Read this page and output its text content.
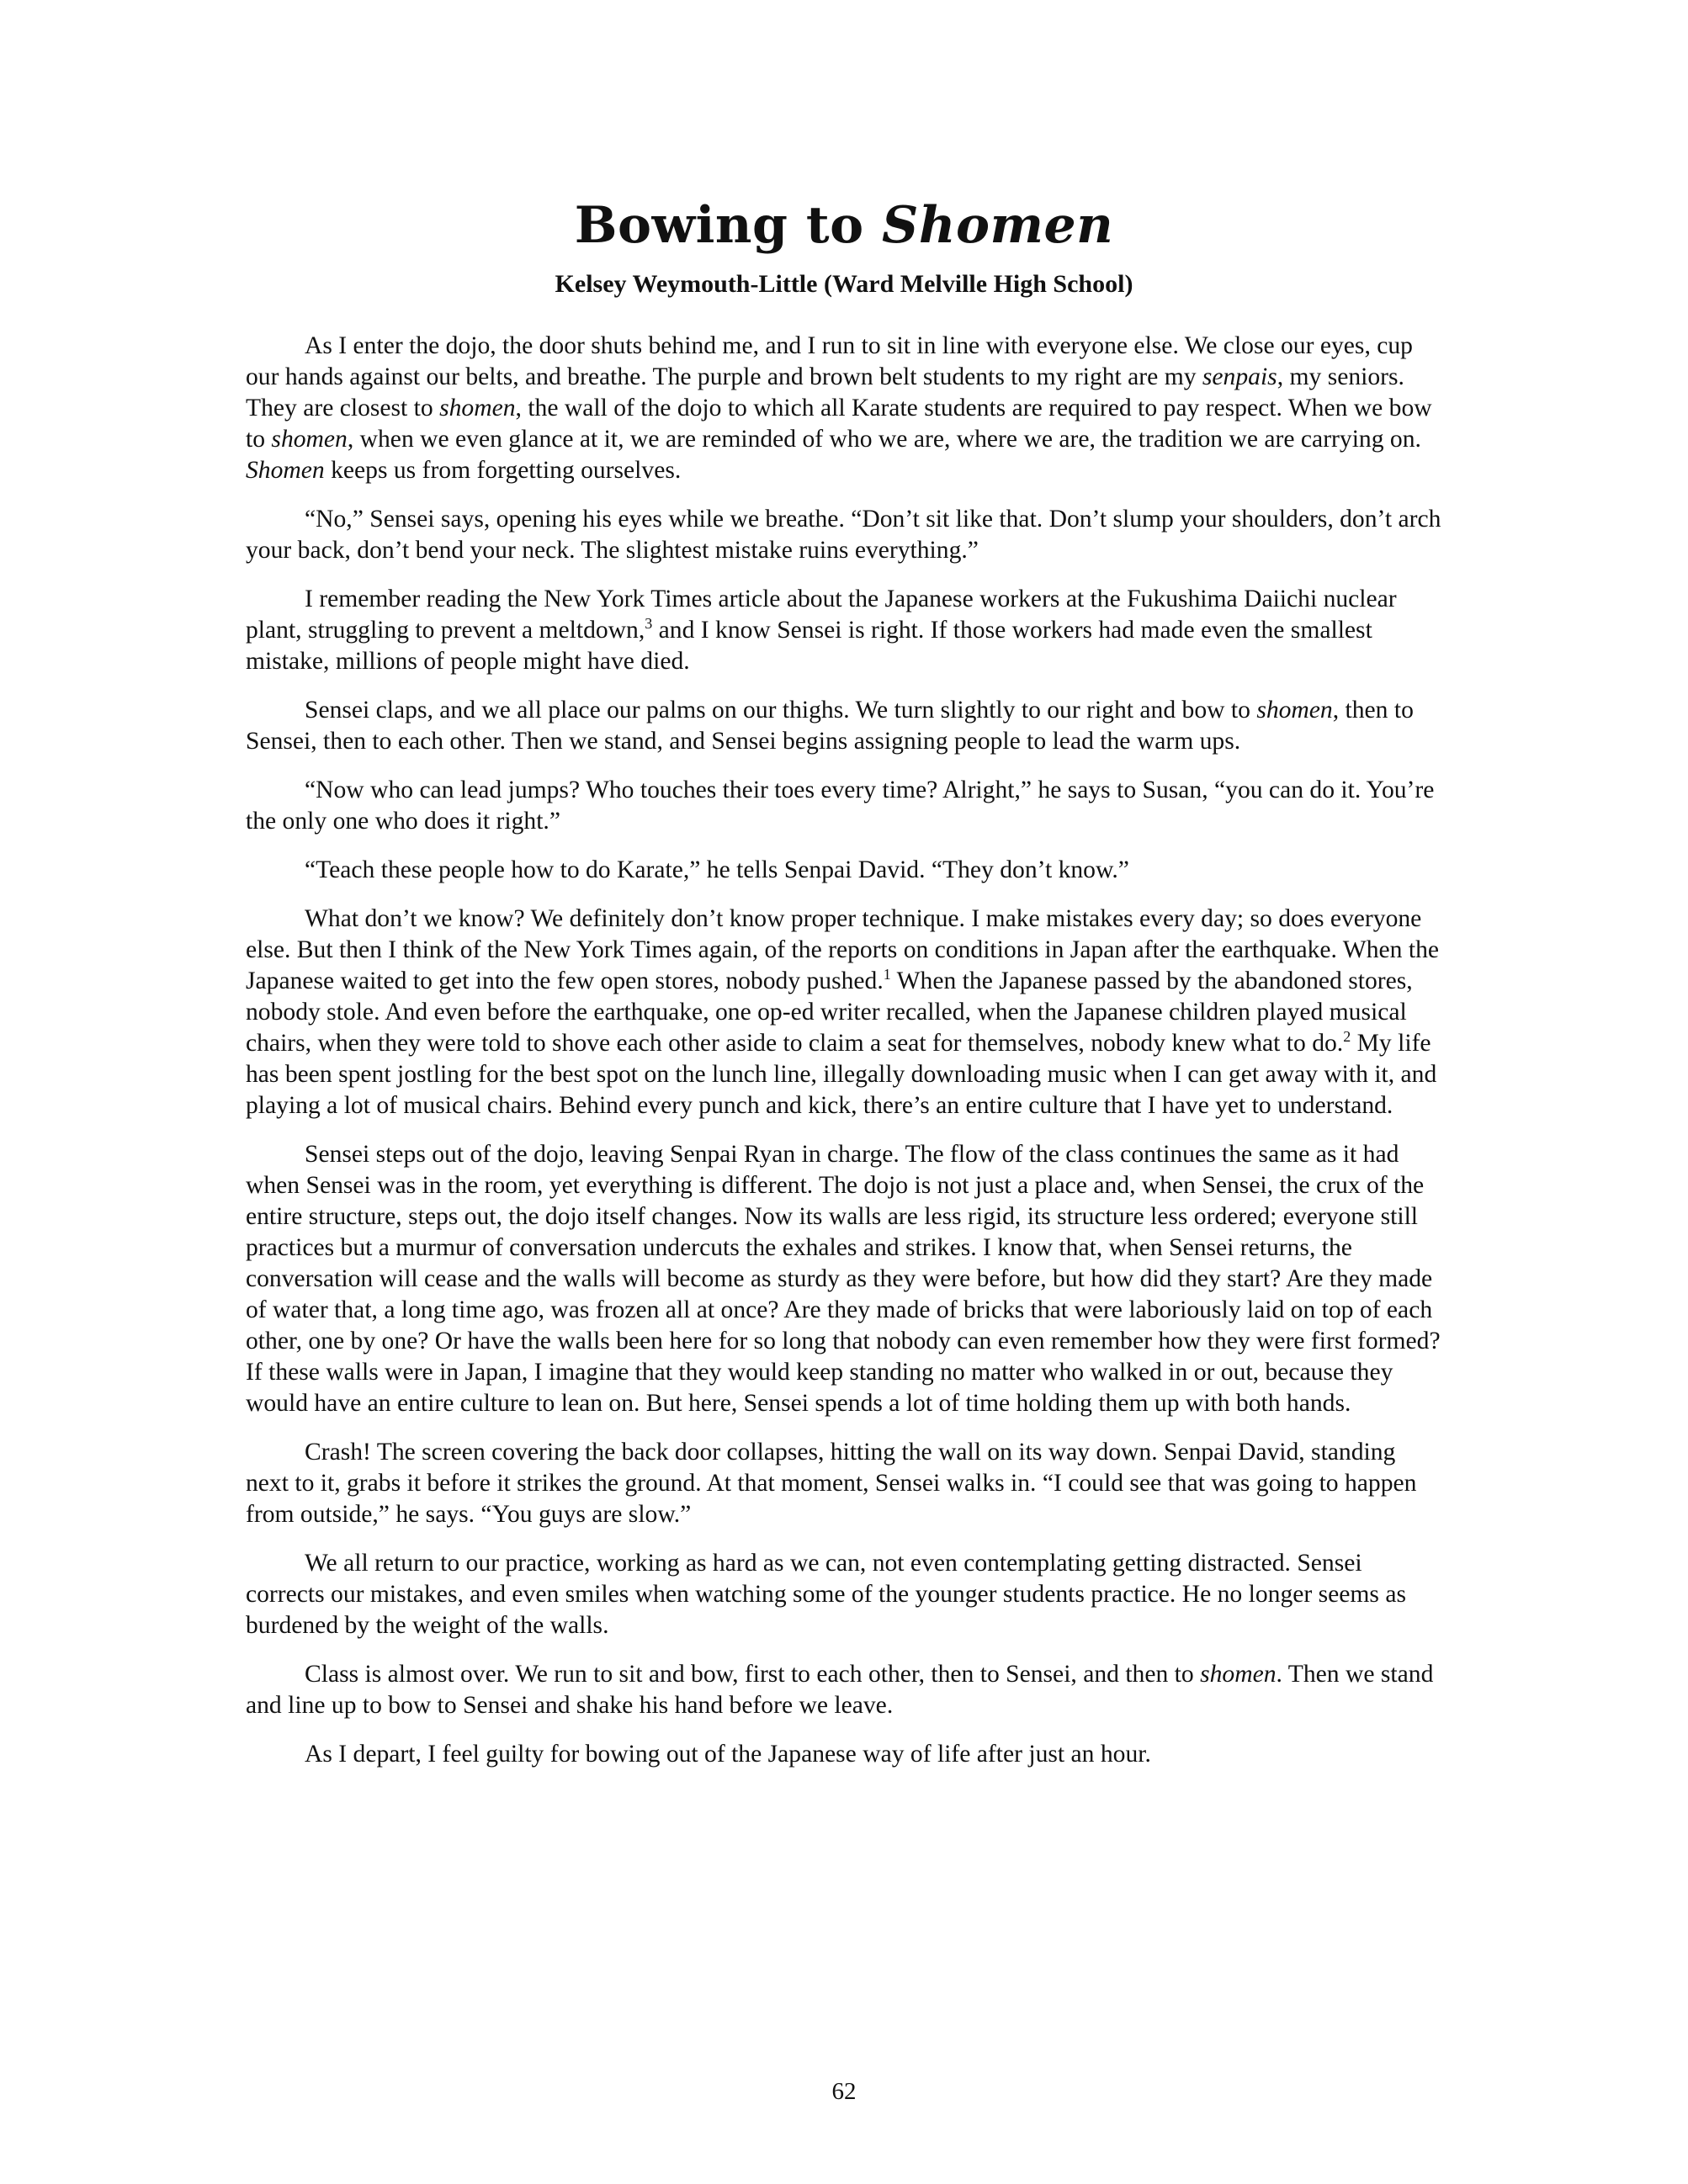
Bowing to Shomen

Kelsey Weymouth-Little (Ward Melville High School)

As I enter the dojo, the door shuts behind me, and I run to sit in line with everyone else. We close our eyes, cup our hands against our belts, and breathe. The purple and brown belt students to my right are my senpais, my seniors. They are closest to shomen, the wall of the dojo to which all Karate students are required to pay respect. When we bow to shomen, when we even glance at it, we are reminded of who we are, where we are, the tradition we are carrying on. Shomen keeps us from forgetting ourselves.

“No,” Sensei says, opening his eyes while we breathe. “Don’t sit like that. Don’t slump your shoulders, don’t arch your back, don’t bend your neck. The slightest mistake ruins everything.”

I remember reading the New York Times article about the Japanese workers at the Fukushima Daiichi nuclear plant, struggling to prevent a meltdown,$^3$ and I know Sensei is right. If those workers had made even the smallest mistake, millions of people might have died.

Sensei claps, and we all place our palms on our thighs. We turn slightly to our right and bow to shomen, then to Sensei, then to each other. Then we stand, and Sensei begins assigning people to lead the warm ups.

“Now who can lead jumps? Who touches their toes every time? Alright,” he says to Susan, “you can do it. You’re the only one who does it right.”

“Teach these people how to do Karate,” he tells Senpai David. “They don’t know.”

What don’t we know? We definitely don’t know proper technique. I make mistakes every day; so does everyone else. But then I think of the New York Times again, of the reports on conditions in Japan after the earthquake. When the Japanese waited to get into the few open stores, nobody pushed.$^1$ When the Japanese passed by the abandoned stores, nobody stole. And even before the earthquake, one op-ed writer recalled, when the Japanese children played musical chairs, when they were told to shove each other aside to claim a seat for themselves, nobody knew what to do.$^2$ My life has been spent jostling for the best spot on the lunch line, illegally downloading music when I can get away with it, and playing a lot of musical chairs. Behind every punch and kick, there’s an entire culture that I have yet to understand.

Sensei steps out of the dojo, leaving Senpai Ryan in charge. The flow of the class continues the same as it had when Sensei was in the room, yet everything is different. The dojo is not just a place and, when Sensei, the crux of the entire structure, steps out, the dojo itself changes. Now its walls are less rigid, its structure less ordered; everyone still practices but a murmur of conversation undercuts the exhales and strikes. I know that, when Sensei returns, the conversation will cease and the walls will become as sturdy as they were before, but how did they start? Are they made of water that, a long time ago, was frozen all at once? Are they made of bricks that were laboriously laid on top of each other, one by one? Or have the walls been here for so long that nobody can even remember how they were first formed? If these walls were in Japan, I imagine that they would keep standing no matter who walked in or out, because they would have an entire culture to lean on. But here, Sensei spends a lot of time holding them up with both hands.

Crash! The screen covering the back door collapses, hitting the wall on its way down. Senpai David, standing next to it, grabs it before it strikes the ground. At that moment, Sensei walks in. “I could see that was going to happen from outside,” he says. “You guys are slow.”

We all return to our practice, working as hard as we can, not even contemplating getting distracted. Sensei corrects our mistakes, and even smiles when watching some of the younger students practice. He no longer seems as burdened by the weight of the walls.

Class is almost over. We run to sit and bow, first to each other, then to Sensei, and then to shomen. Then we stand and line up to bow to Sensei and shake his hand before we leave.

As I depart, I feel guilty for bowing out of the Japanese way of life after just an hour.

62
